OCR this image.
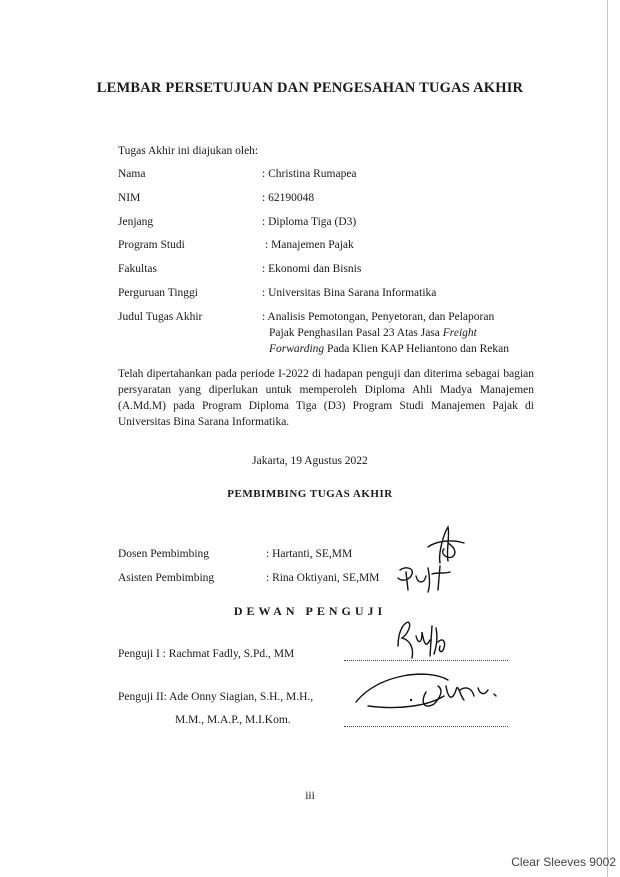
LEMBAR PERSETUJUAN DAN PENGESAHAN TUGAS AKHIR
Tugas Akhir ini diajukan oleh:
Nama	: Christina Rumapea
NIM	: 62190048
Jenjang	: Diploma Tiga (D3)
Program Studi	: Manajemen Pajak
Fakultas	: Ekonomi dan Bisnis
Perguruan Tinggi	: Universitas Bina Sarana Informatika
Judul Tugas Akhir	: Analisis Pemotongan, Penyetoran, dan Pelaporan
Pajak Penghasilan Pasal 23 Atas Jasa Freight
Forwarding Pada Klien KAP Heliantono dan Rekan
Telah dipertahankan pada periode I-2022 di hadapan penguji dan diterima sebagai bagian persyaratan yang diperlukan untuk memperoleh Diploma Ahli Madya Manajemen (A.Md.M) pada Program Diploma Tiga (D3) Program Studi Manajemen Pajak di Universitas Bina Sarana Informatika.
Jakarta, 19 Agustus 2022
PEMBIMBING TUGAS AKHIR
Dosen Pembimbing	: Hartanti, SE,MM
Asisten Pembimbing	: Rina Oktiyani, SE,MM
DEWAN PENGUJI
Penguji I : Rachmat Fadly, S.Pd., MM
Penguji II: Ade Onny Siagian, S.H., M.H.,
M.M., M.A.P., M.I.Kom.
iii
Clear Sleeves 9002
